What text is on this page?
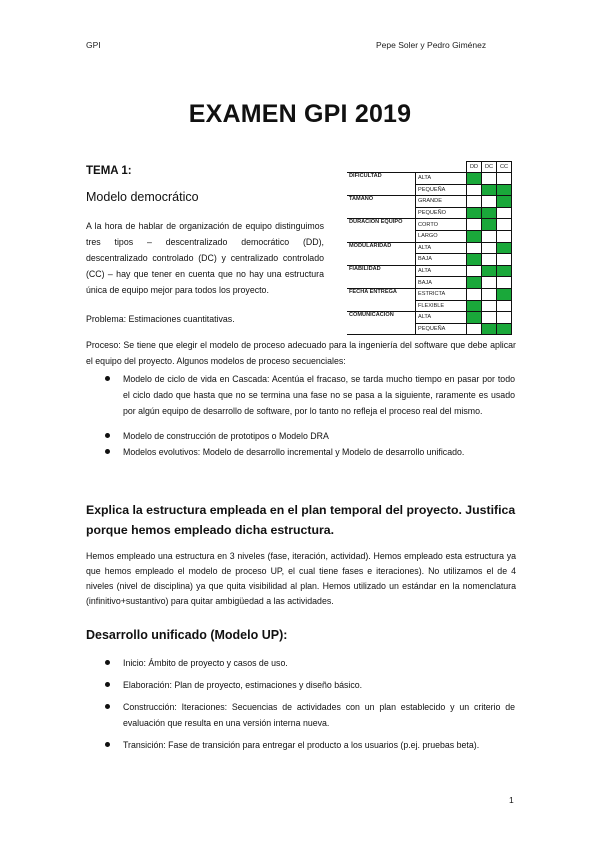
GPI	Pepe Soler y Pedro Giménez
EXAMEN GPI 2019
TEMA 1:
Modelo democrático
A la hora de hablar de organización de equipo distinguimos tres tipos – descentralizado democrático (DD), descentralizado controlado (DC) y centralizado controlado (CC) – hay que tener en cuenta que no hay una estructura única de equipo mejor para todos los proyecto.
Problema: Estimaciones cuantitativas.
		DD	DC	CC
DIFICULTAD	ALTA			
	PEQUEÑA			
TAMAÑO	GRANDE			
	PEQUEÑO			
DURACION EQUIPO	CORTO			
	LARGO			
MODULARIDAD	ALTA			
	BAJA			
FIABILIDAD	ALTA			
	BAJA			
FECHA ENTREGA	ESTRICTA			
	FLEXIBLE			
COMUNICACIÓN	ALTA			
	PEQUEÑA			
Proceso: Se tiene que elegir el modelo de proceso adecuado para la ingeniería del software que debe aplicar el equipo del proyecto. Algunos modelos de proceso secuenciales:
Modelo de ciclo de vida en Cascada: Acentúa el fracaso, se tarda mucho tiempo en pasar por todo el ciclo dado que hasta que no se termina una fase no se pasa a la siguiente, raramente es usado por algún equipo de desarrollo de software, por lo tanto no refleja el proceso real del mismo.
Modelo de construcción de prototipos o Modelo DRA
Modelos evolutivos: Modelo de desarrollo incremental y Modelo de desarrollo unificado.
Explica la estructura empleada en el plan temporal del proyecto. Justifica porque hemos empleado dicha estructura.
Hemos empleado una estructura en 3 niveles (fase, iteración, actividad). Hemos empleado esta estructura ya que hemos empleado el modelo de proceso UP, el cual tiene fases e iteraciones). No utilizamos el de 4 niveles (nivel de disciplina) ya que quita visibilidad al plan. Hemos utilizado un estándar en la nomenclatura (infinitivo+sustantivo) para quitar ambigüedad a las actividades.
Desarrollo unificado (Modelo UP):
Inicio: Ámbito de proyecto y casos de uso.
Elaboración: Plan de proyecto, estimaciones y diseño básico.
Construcción: Iteraciones: Secuencias de actividades con un plan establecido y un criterio de evaluación que resulta en una versión interna nueva.
Transición: Fase de transición para entregar el producto a los usuarios (p.ej. pruebas beta).
1
